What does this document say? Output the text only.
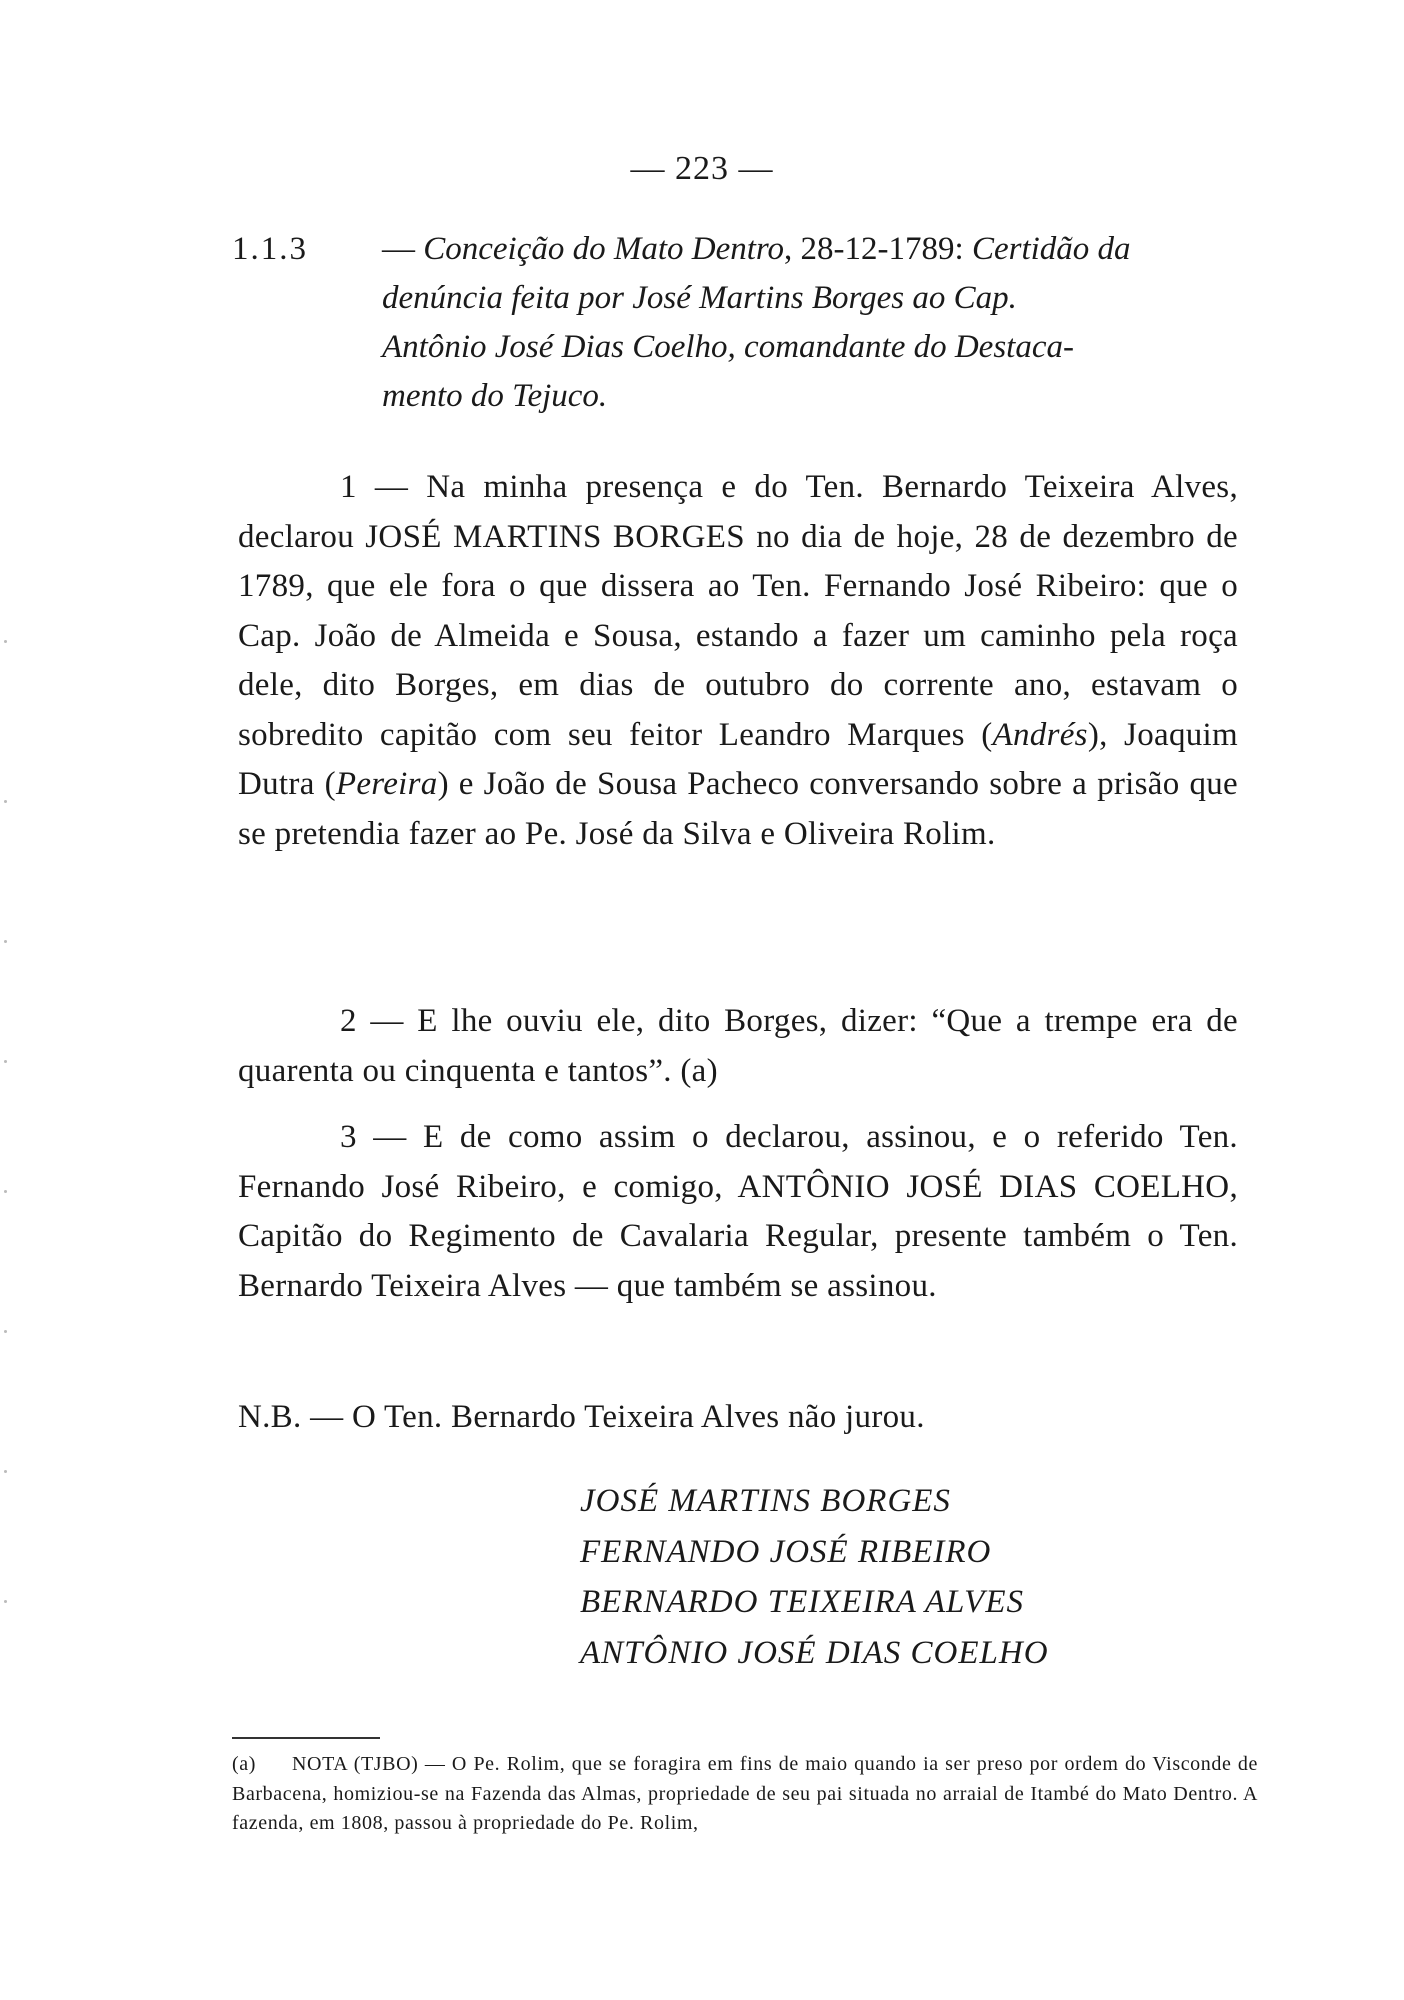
— 223 —
1.1.3 — Conceição do Mato Dentro, 28-12-1789: Certidão da
denúncia feita por José Martins Borges ao Cap.
Antônio José Dias Coelho, comandante do Destaca-
mento do Tejuco.
1 — Na minha presença e do Ten. Bernardo Teixeira Alves, declarou JOSÉ MARTINS BORGES no dia de hoje, 28 de dezembro de 1789, que ele fora o que dissera ao Ten. Fernando José Ribeiro: que o Cap. João de Almeida e Sousa, estando a fazer um caminho pela roça dele, dito Borges, em dias de outubro do corrente ano, estavam o sobredito capitão com seu feitor Leandro Marques (Andrés), Joaquim Dutra (Pereira) e João de Sousa Pacheco conversando sobre a prisão que se pretendia fazer ao Pe. José da Silva e Oliveira Rolim.
2 — E lhe ouviu ele, dito Borges, dizer: “Que a trempe era de quarenta ou cinquenta e tantos”. (a)
3 — E de como assim o declarou, assinou, e o referido Ten. Fernando José Ribeiro, e comigo, ANTÔNIO JOSÉ DIAS COELHO, Capitão do Regimento de Cavalaria Regular, presente também o Ten. Bernardo Teixeira Alves — que também se assinou.
N.B. — O Ten. Bernardo Teixeira Alves não jurou.
JOSÉ MARTINS BORGES
FERNANDO JOSÉ RIBEIRO
BERNARDO TEIXEIRA ALVES
ANTÔNIO JOSÉ DIAS COELHO
(a) NOTA (TJBO) — O Pe. Rolim, que se foragira em fins de maio quando ia ser preso por ordem do Visconde de Barbacena, homiziou-se na Fazenda das Almas, propriedade de seu pai situada no arraial de Itambé do Mato Dentro. A fazenda, em 1808, passou à propriedade do Pe. Rolim,
